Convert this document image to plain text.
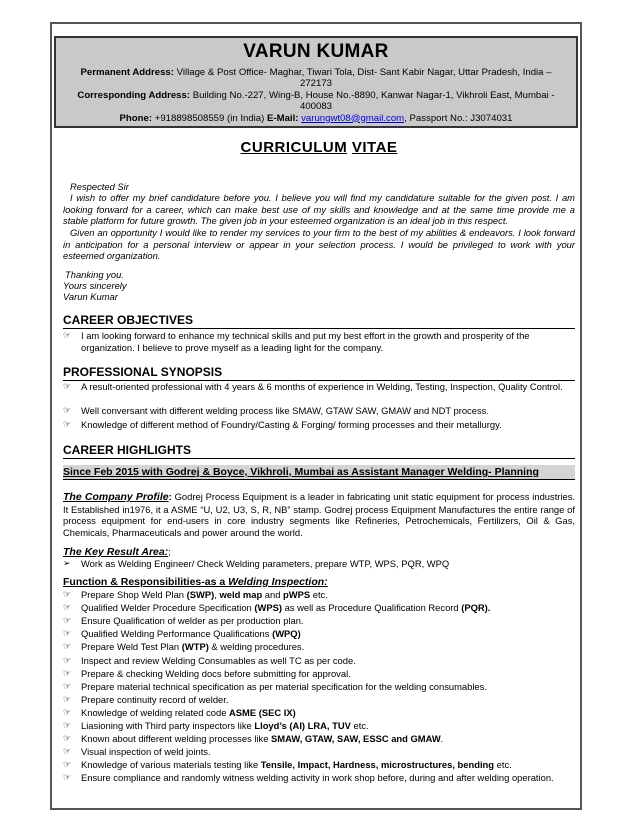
VARUN KUMAR
Permanent Address: Village & Post Office- Maghar, Tiwari Tola, Dist- Sant Kabir Nagar, Uttar Pradesh, India – 272173
Corresponding Address: Building No.-227, Wing-B, House No.-8890, Kanwar Nagar-1, Vikhroli East, Mumbai - 400083
Phone: +918898508559 (in India) E-Mail: varungwt08@gmail.com, Passport No.: J3074031
CURRICULUM VITAE
Respected Sir
I wish to offer my brief candidature before you. I believe you will find my candidature suitable for the given post. I am looking forward for a career, which can make best use of my skills and knowledge and at the same time provide me a stable platform for future growth. The given job in your esteemed organization is an ideal job in this respect.
Given an opportunity I would like to render my services to your firm to the best of my abilities & endeavors. I look forward in anticipation for a personal interview or appear in your selection process. I would be privileged to work with your esteemed organization.
Thanking you.
Yours sincerely
Varun Kumar
CAREER OBJECTIVES
☞	I am looking forward to enhance my technical skills and put my best effort in the growth and prosperity of the organization. I believe to prove myself as a leading light for the company.
PROFESSIONAL SYNOPSIS
☞	A result-oriented professional with 4 years & 6 months of experience in Welding, Testing, Inspection, Quality Control.
☞	Well conversant with different welding process like SMAW, GTAW SAW, GMAW and NDT process.
☞	Knowledge of different method of Foundry/Casting & Forging/ forming processes and their metallurgy.
CAREER HIGHLIGHTS
Since Feb 2015 with Godrej & Boyce, Vikhroli, Mumbai as Assistant Manager Welding- Planning
The Company Profile: Godrej Process Equipment is a leader in fabricating unit static equipment for process industries. It Established in1976, it a ASME “U, U2, U3, S, R, NB” stamp. Godrej process Equipment Manufactures the entire range of process equipment for end-users in core industry segments like Refineries, Petrochemicals, Fertilizers, Oil & Gas, Chemicals, Pharmaceuticals and power around the world.
The Key Result Area:;
➢	Work as Welding Engineer/ Check Welding parameters, prepare WTP, WPS, PQR, WPQ
Function & Responsibilities-as a Welding Inspection:
☞	Prepare Shop Weld Plan (SWP), weld map and pWPS etc.
☞	Qualified Welder Procedure Specification (WPS) as well as Procedure Qualification Record (PQR).
☞	Ensure Qualification of welder as per production plan.
☞	Qualified Welding Performance Qualifications (WPQ)
☞	Prepare Weld Test Plan (WTP) & welding procedures.
☞	Inspect and review Welding Consumables as well TC as per code.
☞	Prepare & checking Welding docs before submitting for approval.
☞	Prepare material technical specification as per material specification for the welding consumables.
☞	Prepare continuity record of welder.
☞	Knowledge of welding related code ASME (SEC IX)
☞	Liasioning with Third party inspectors like Lloyd’s (AI) LRA, TUV etc.
☞	Known about different welding processes like SMAW, GTAW, SAW, ESSC and GMAW.
☞	Visual inspection of weld joints.
☞	Knowledge of various materials testing like Tensile, Impact, Hardness, microstructures, bending etc.
☞	Ensure compliance and randomly witness welding activity in work shop before, during and after welding operation.
